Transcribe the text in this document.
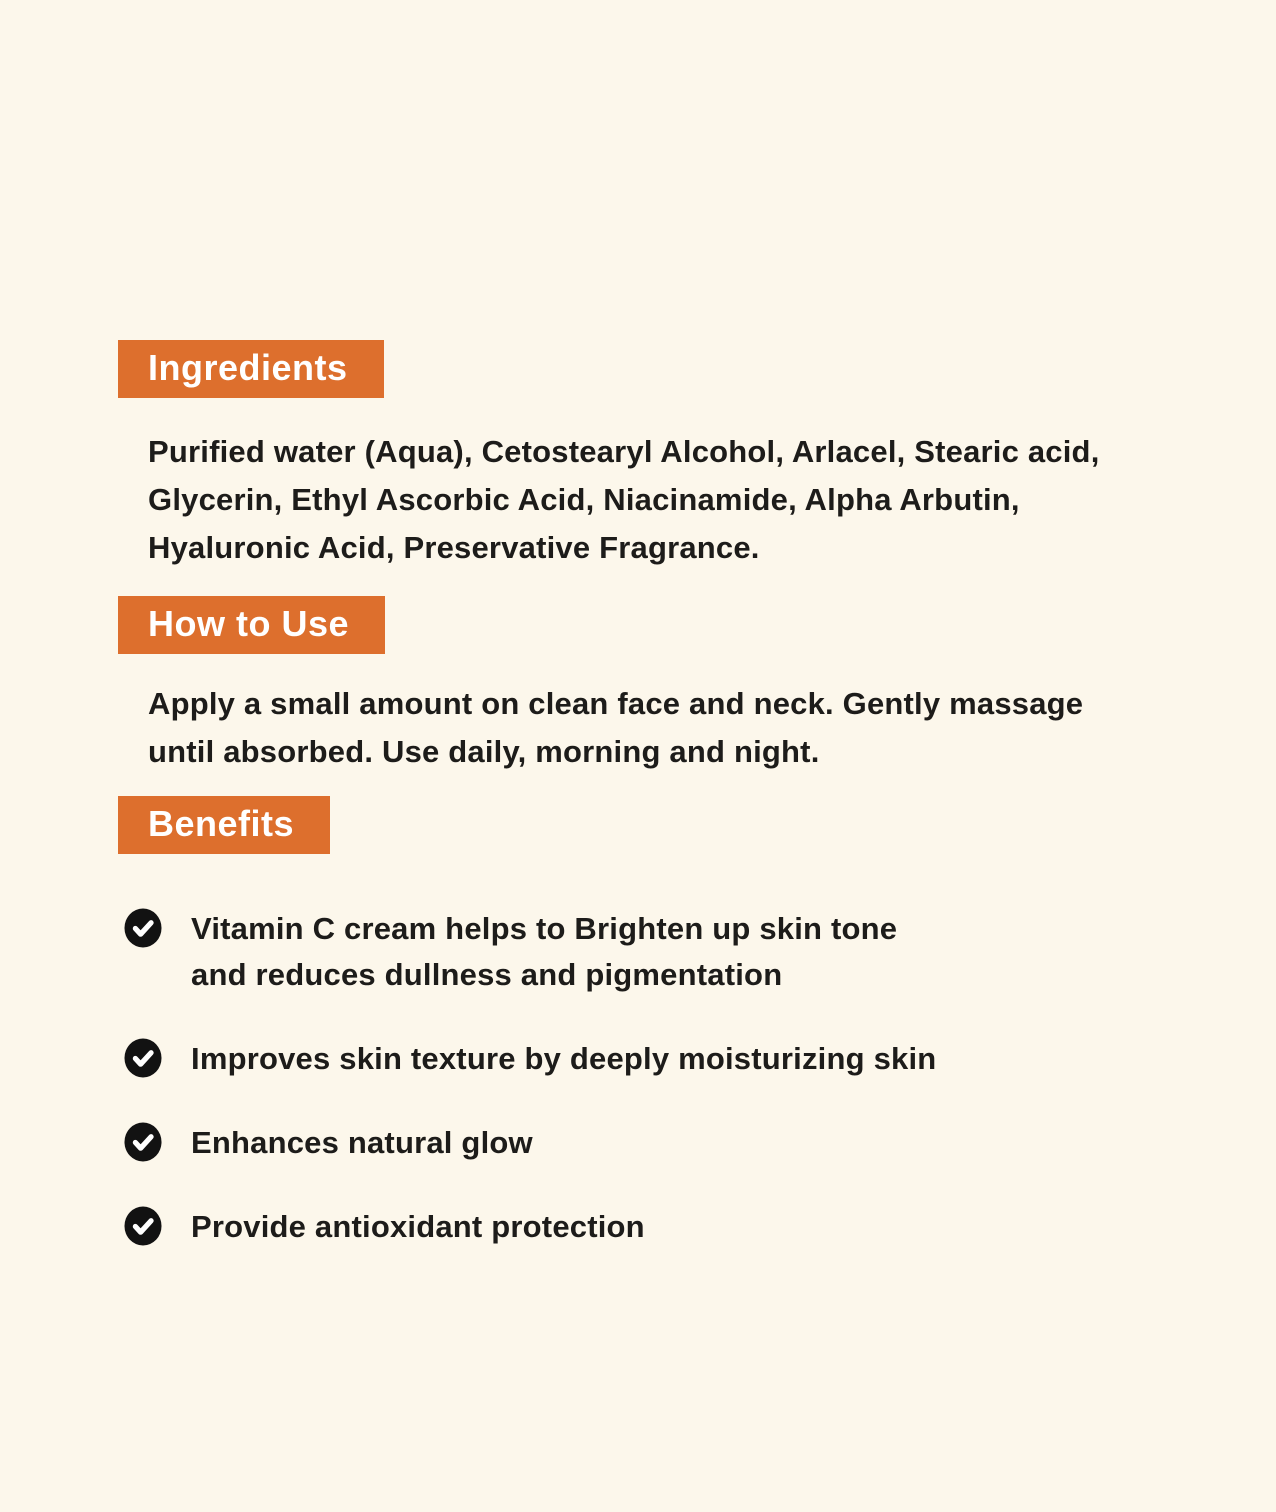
Ingredients

Purified water (Aqua), Cetostearyl Alcohol, Arlacel, Stearic acid,
Glycerin, Ethyl Ascorbic Acid, Niacinamide, Alpha Arbutin,
Hyaluronic Acid, Preservative Fragrance.

How to Use

Apply a small amount on clean face and neck. Gently massage
until absorbed. Use daily, morning and night.

Benefits
Vitamin C cream helps to Brighten up skin tone
and reduces dullness and pigmentation
Improves skin texture by deeply moisturizing skin
Enhances natural glow
Provide antioxidant protection
